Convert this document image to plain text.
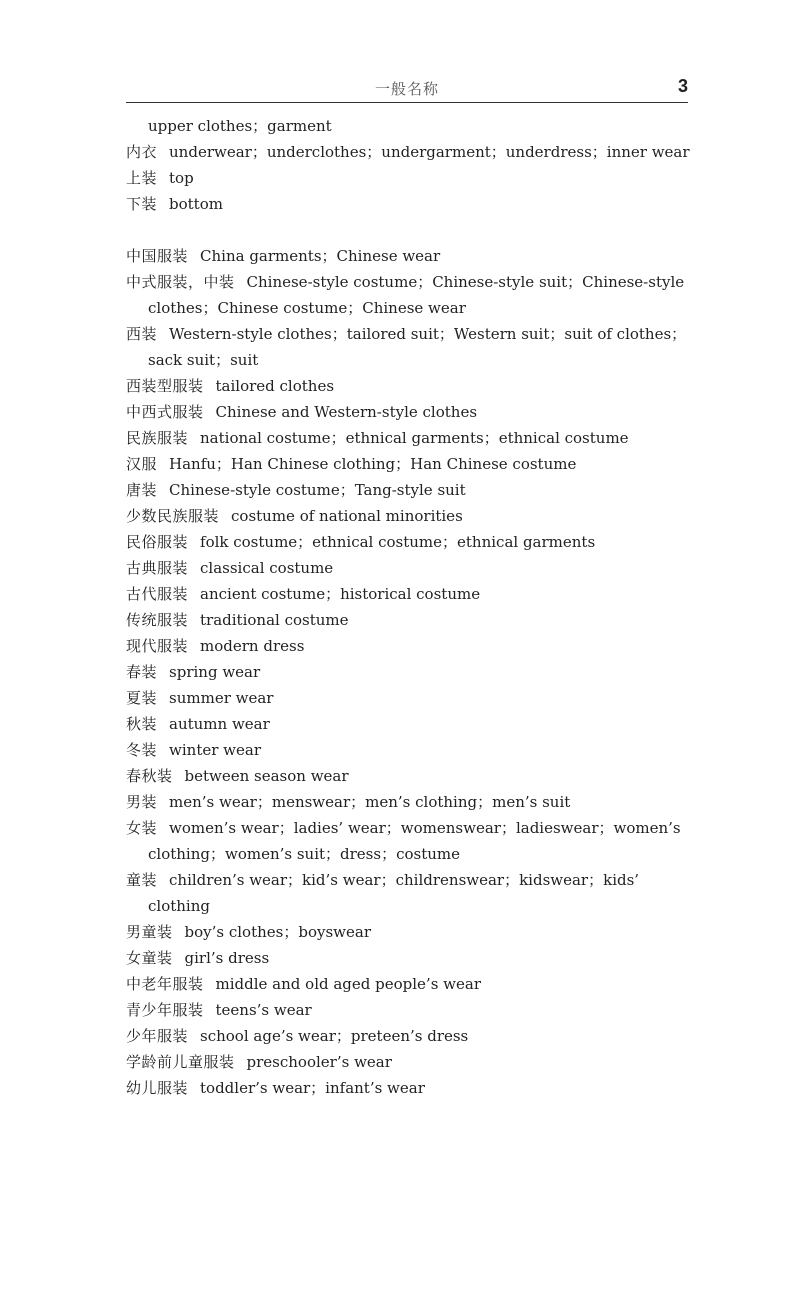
一般名称	3

upper clothes；garment

内衣 underwear；underclothes；undergarment；underdress；inner wear

上装 top

下装 bottom

中国服装 China garments；Chinese wear

中式服装，中装 Chinese-style costume；Chinese-style suit；Chinese-style clothes；Chinese costume；Chinese wear

西装 Western-style clothes；tailored suit；Western suit；suit of clothes；sack suit；suit

西装型服装 tailored clothes

中西式服装 Chinese and Western-style clothes

民族服装 national costume；ethnical garments；ethnical costume

汉服 Hanfu；Han Chinese clothing；Han Chinese costume

唐装 Chinese-style costume；Tang-style suit

少数民族服装 costume of national minorities

民俗服装 folk costume；ethnical costume；ethnical garments

古典服装 classical costume

古代服装 ancient costume；historical costume

传统服装 traditional costume

现代服装 modern dress

春装 spring wear

夏装 summer wear

秋装 autumn wear

冬装 winter wear

春秋装 between season wear

男装 men’s wear；menswear；men’s clothing；men’s suit

女装 women’s wear；ladies’ wear；womenswear；ladieswear；women’s clothing；women’s suit；dress；costume

童装 children’s wear；kid’s wear；childrenswear；kidswear；kids’ clothing

男童装 boy’s clothes；boyswear

女童装 girl’s dress

中老年服装 middle and old aged people’s wear

青少年服装 teens’s wear

少年服装 school age’s wear；preteen’s dress

学龄前儿童服装 preschooler’s wear

幼儿服装 toddler’s wear；infant’s wear
